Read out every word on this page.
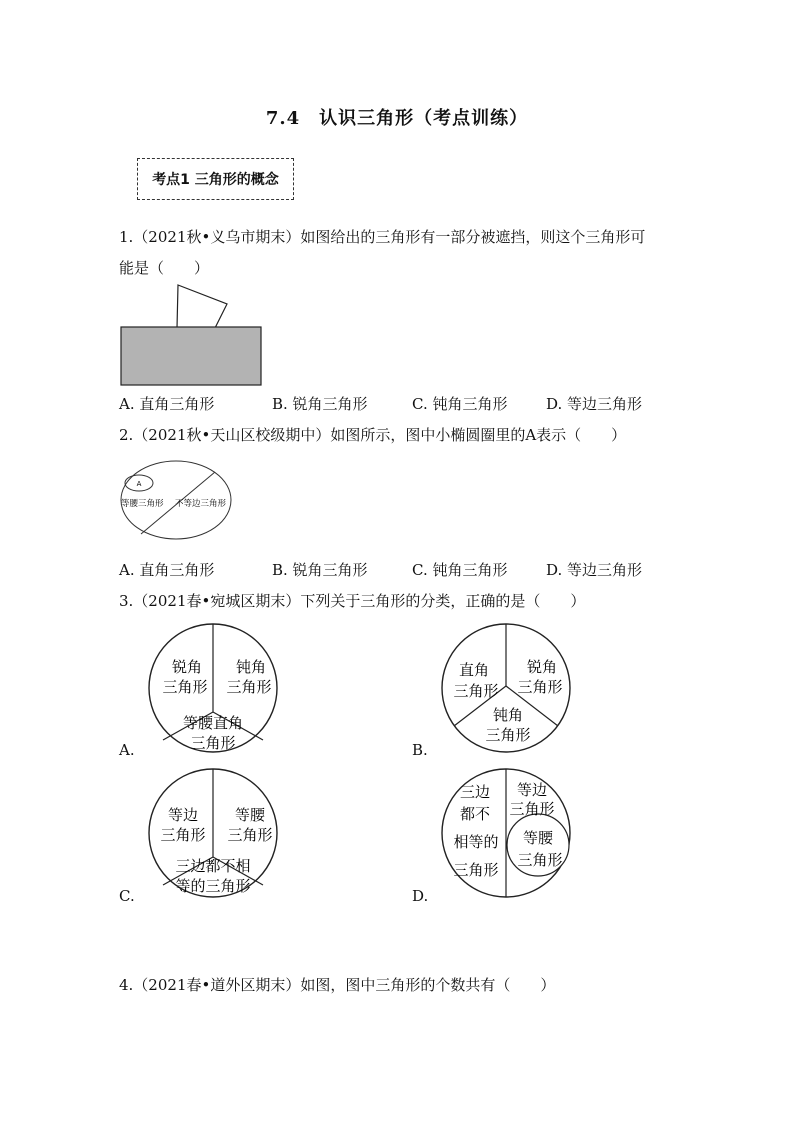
7.4　认识三角形（考点训练）
考点1 三角形的概念
1.（2021秋•义乌市期末）如图给出的三角形有一部分被遮挡，则这个三角形可
能是（　　）
A. 直角三角形	B. 锐角三角形	C. 钝角三角形	D. 等边三角形
2.（2021秋•天山区校级期中）如图所示，图中小椭圆圈里的A表示（　　）
A
等腰三角形 不等边三角形
A. 直角三角形	B. 锐角三角形	C. 钝角三角形	D. 等边三角形
3.（2021春•宛城区期末）下列关于三角形的分类，正确的是（　　）
A.
锐角
三角形
钝角
三角形
等腰直角
三角形	B.
直角
三角形
锐角
三角形
钝角
三角形
C.
等边
三角形
等腰
三角形
三边都不相
等的三角形
D.
三边
都不
相等的
三角形
等边
三角形
等腰
三角形
4.（2021春•道外区期末）如图，图中三角形的个数共有（　　）
